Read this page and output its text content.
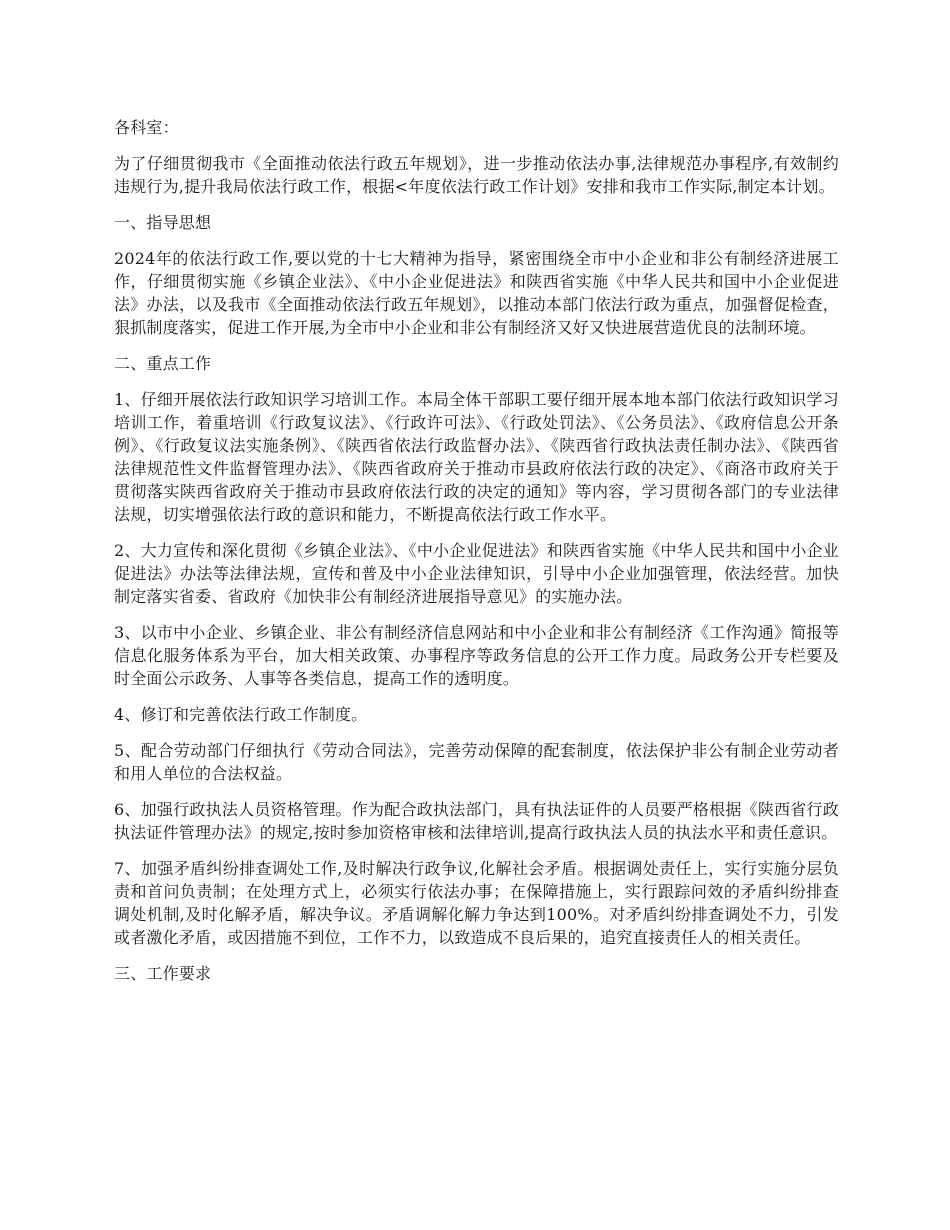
各科室：

为了仔细贯彻我市《全面推动依法行政五年规划》，进一步推动依法办事,法律规范办事程序,有效制约违规行为,提升我局依法行政工作，根据<年度依法行政工作计划》安排和我市工作实际,制定本计划。

一、指导思想

2024年的依法行政工作,要以党的十七大精神为指导，紧密围绕全市中小企业和非公有制经济进展工作，仔细贯彻实施《乡镇企业法》、《中小企业促进法》和陕西省实施《中华人民共和国中小企业促进法》办法，以及我市《全面推动依法行政五年规划》，以推动本部门依法行政为重点，加强督促检查，狠抓制度落实，促进工作开展,为全市中小企业和非公有制经济又好又快进展营造优良的法制环境。

二、重点工作

1、仔细开展依法行政知识学习培训工作。本局全体干部职工要仔细开展本地本部门依法行政知识学习培训工作，着重培训《行政复议法》、《行政许可法》、《行政处罚法》、《公务员法》、《政府信息公开条例》、《行政复议法实施条例》、《陕西省依法行政监督办法》、《陕西省行政执法责任制办法》、《陕西省法律规范性文件监督管理办法》、《陕西省政府关于推动市县政府依法行政的决定》、《商洛市政府关于贯彻落实陕西省政府关于推动市县政府依法行政的决定的通知》等内容，学习贯彻各部门的专业法律法规，切实增强依法行政的意识和能力，不断提高依法行政工作水平。

2、大力宣传和深化贯彻《乡镇企业法》、《中小企业促进法》和陕西省实施《中华人民共和国中小企业促进法》办法等法律法规，宣传和普及中小企业法律知识，引导中小企业加强管理，依法经营。加快制定落实省委、省政府《加快非公有制经济进展指导意见》的实施办法。

3、以市中小企业、乡镇企业、非公有制经济信息网站和中小企业和非公有制经济《工作沟通》简报等信息化服务体系为平台，加大相关政策、办事程序等政务信息的公开工作力度。局政务公开专栏要及时全面公示政务、人事等各类信息，提高工作的透明度。

4、修订和完善依法行政工作制度。

5、配合劳动部门仔细执行《劳动合同法》，完善劳动保障的配套制度，依法保护非公有制企业劳动者和用人单位的合法权益。

6、加强行政执法人员资格管理。作为配合政执法部门，具有执法证件的人员要严格根据《陕西省行政执法证件管理办法》的规定,按时参加资格审核和法律培训,提高行政执法人员的执法水平和责任意识。

7、加强矛盾纠纷排查调处工作,及时解决行政争议,化解社会矛盾。根据调处责任上，实行实施分层负责和首问负责制；在处理方式上，必须实行依法办事；在保障措施上，实行跟踪问效的矛盾纠纷排查调处机制,及时化解矛盾，解决争议。矛盾调解化解力争达到100%。对矛盾纠纷排查调处不力，引发或者激化矛盾，或因措施不到位，工作不力，以致造成不良后果的，追究直接责任人的相关责任。

三、工作要求
